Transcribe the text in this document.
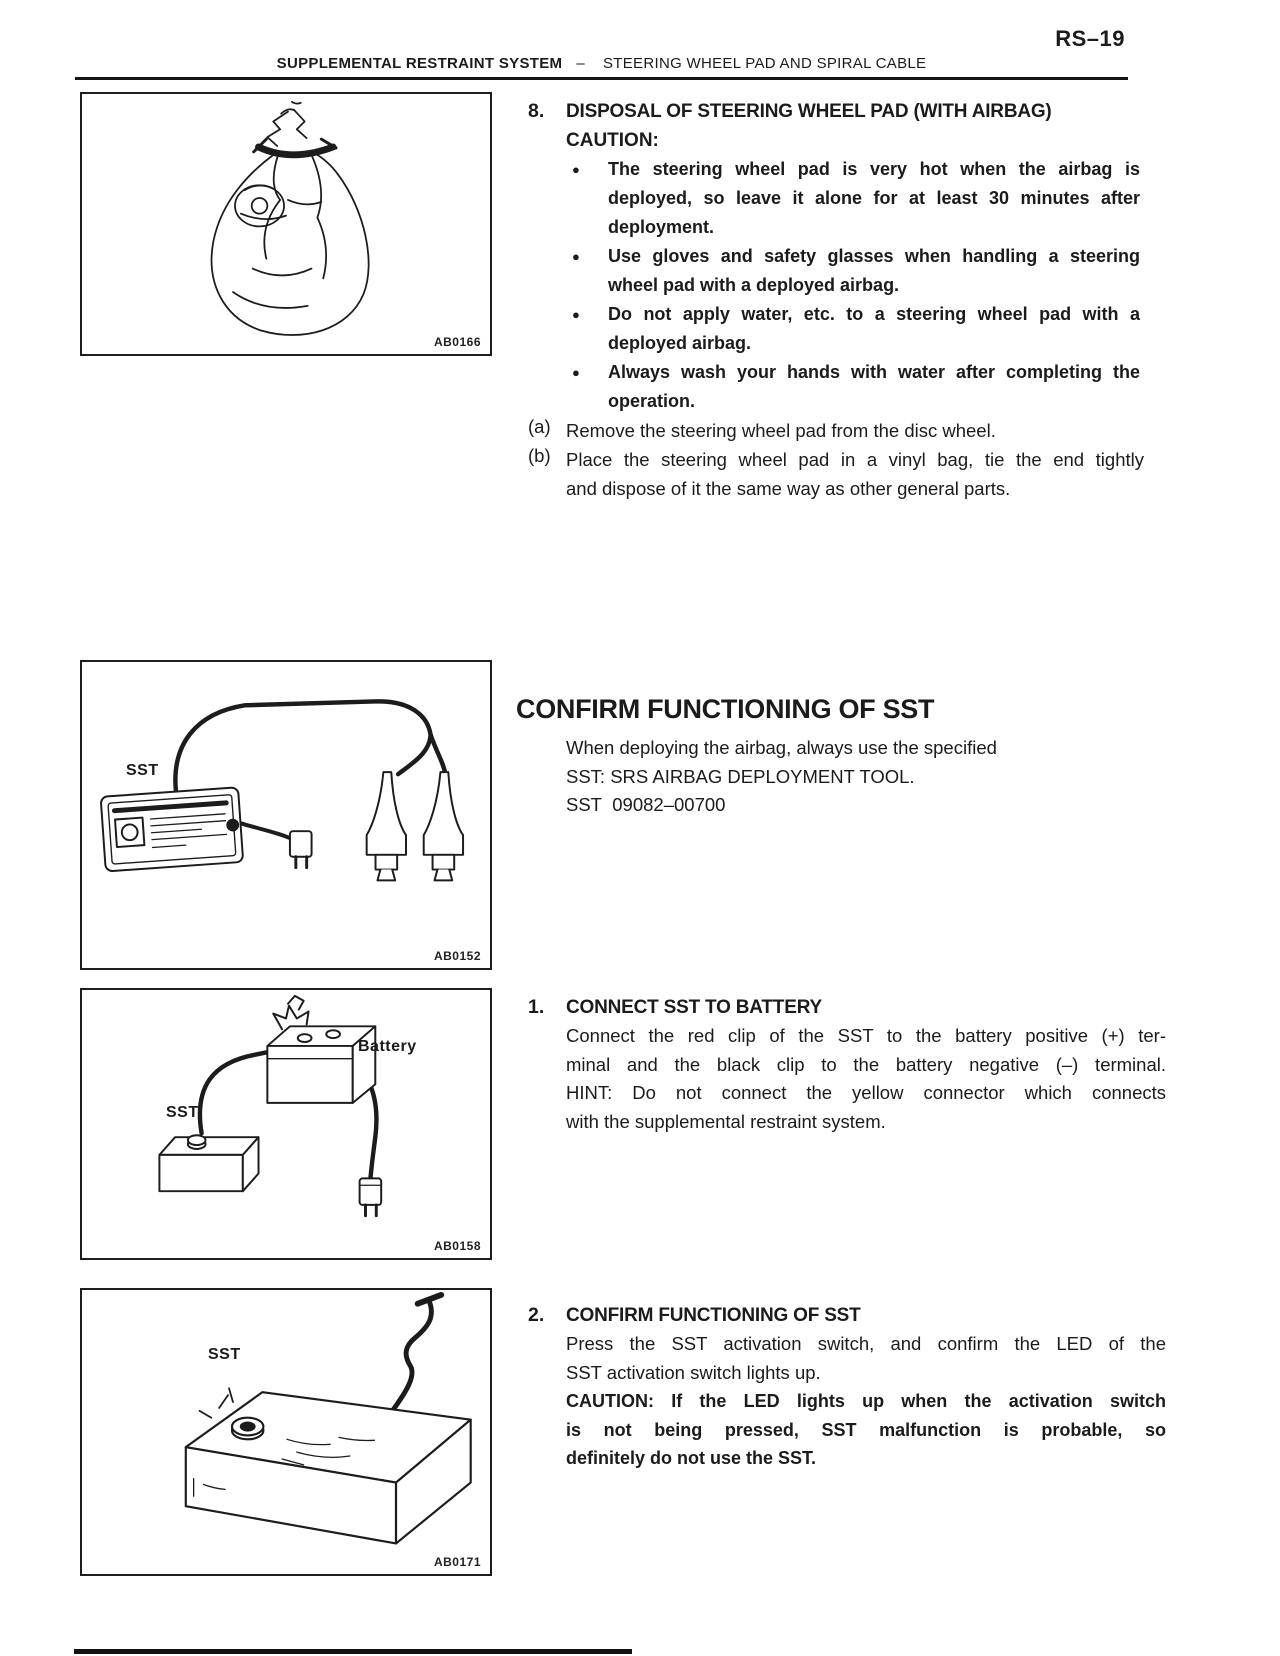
RS–19
SUPPLEMENTAL RESTRAINT SYSTEM – STEERING WHEEL PAD AND SPIRAL CABLE
AB0166
8.	DISPOSAL OF STEERING WHEEL PAD (WITH AIRBAG)
CAUTION:
●	The steering wheel pad is very hot when the airbag is
deployed, so leave it alone for at least 30 minutes after
deployment.
●	Use gloves and safety glasses when handling a steering
wheel pad with a deployed airbag.
●	Do not apply water, etc. to a steering wheel pad with a
deployed airbag.
●	Always wash your hands with water after completing the
operation.
(a) Remove the steering wheel pad from the disc wheel.
(b) Place the steering wheel pad in a vinyl bag, tie the end tightly
and dispose of it the same way as other general parts.
SST
AB0152
CONFIRM FUNCTIONING OF SST
When deploying the airbag, always use the specified
SST: SRS AIRBAG DEPLOYMENT TOOL.
SST  09082–00700
Battery
SST
AB0158
1.	CONNECT SST TO BATTERY
Connect the red clip of the SST to the battery positive (+) ter-
minal and the black clip to the battery negative (–) terminal.
HINT: Do not connect the yellow connector which connects
with the supplemental restraint system.
SST
AB0171
2.	CONFIRM FUNCTIONING OF SST
Press the SST activation switch, and confirm the LED of the
SST activation switch lights up.
CAUTION: If the LED lights up when the activation switch
is not being pressed, SST malfunction is probable, so
definitely do not use the SST.
